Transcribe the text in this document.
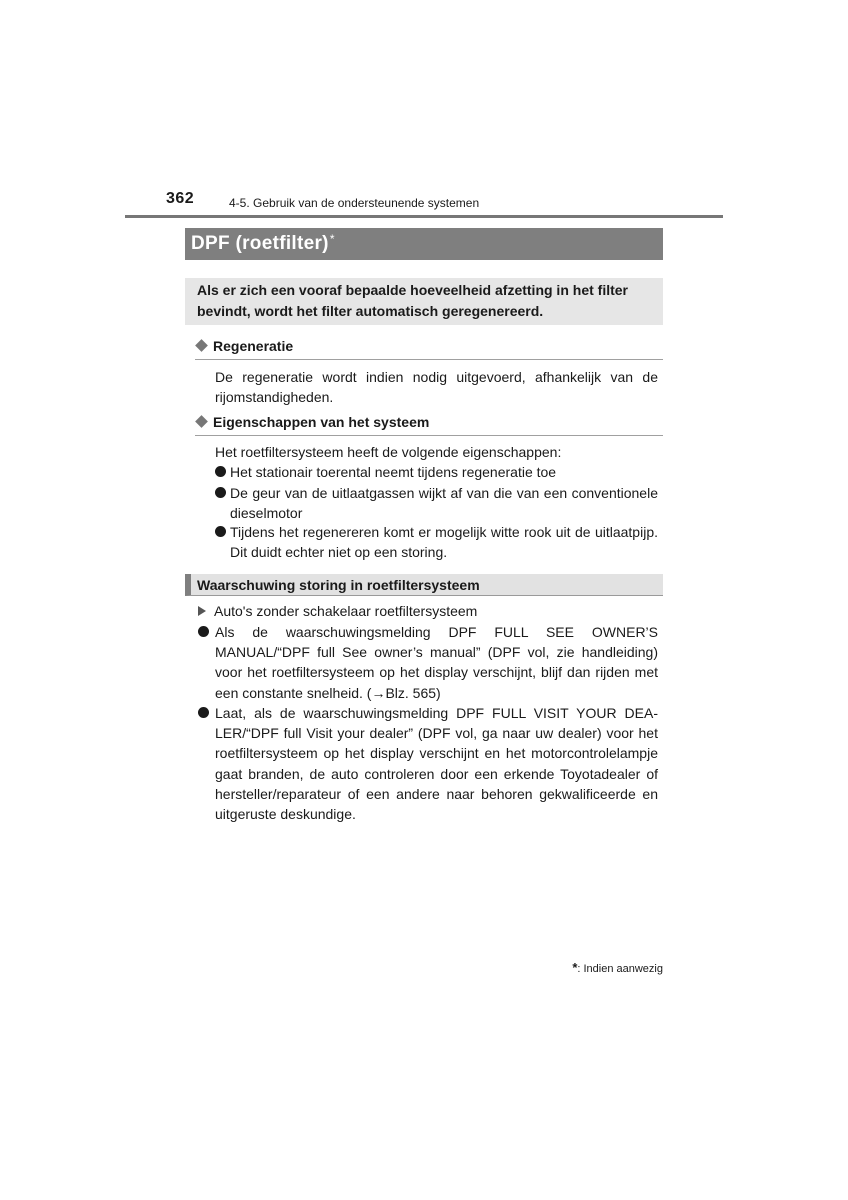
362	4-5. Gebruik van de ondersteunende systemen
DPF (roetfilter)*
Als er zich een vooraf bepaalde hoeveelheid afzetting in het filter bevindt, wordt het filter automatisch geregenereerd.
Regeneratie
De regeneratie wordt indien nodig uitgevoerd, afhankelijk van de rijomstandigheden.
Eigenschappen van het systeem
Het roetfiltersysteem heeft de volgende eigenschappen:
Het stationair toerental neemt tijdens regeneratie toe
De geur van de uitlaatgassen wijkt af van die van een conventionele dieselmotor
Tijdens het regenereren komt er mogelijk witte rook uit de uitlaatpijp. Dit duidt echter niet op een storing.
Waarschuwing storing in roetfiltersysteem
Auto's zonder schakelaar roetfiltersysteem
Als de waarschuwingsmelding DPF FULL SEE OWNER’S MANUAL/“DPF full See owner’s manual” (DPF vol, zie handleiding) voor het roetfiltersysteem op het display verschijnt, blijf dan rijden met een constante snelheid. (→Blz. 565)
Laat, als de waarschuwingsmelding DPF FULL VISIT YOUR DEALER/“DPF full Visit your dealer” (DPF vol, ga naar uw dealer) voor het roetfiltersysteem op het display verschijnt en het motorcontrolelampje gaat branden, de auto controleren door een erkende Toyotadealer of hersteller/reparateur of een andere naar behoren gekwalificeerde en uitgeruste deskundige.
*: Indien aanwezig
